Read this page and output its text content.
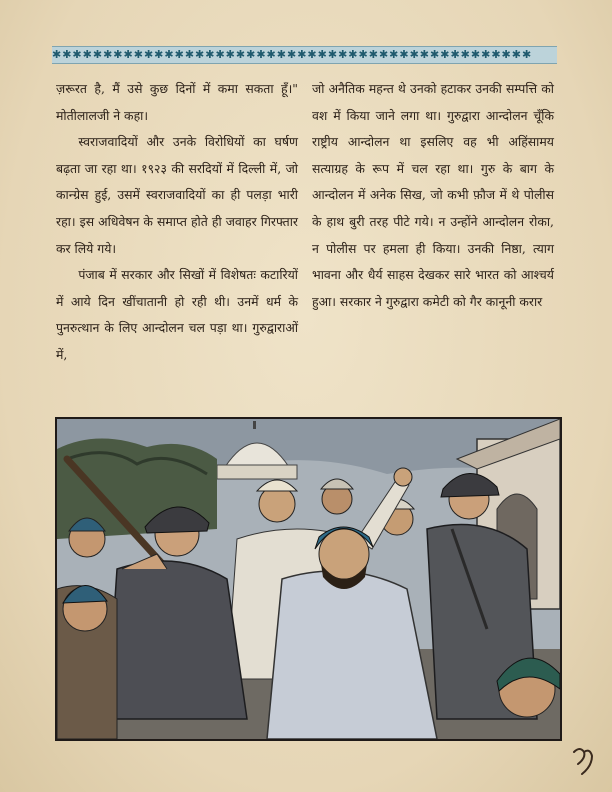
✱✱✱✱✱✱✱✱✱✱✱✱✱✱✱✱✱✱✱✱✱✱✱✱✱✱✱✱✱✱✱✱✱✱✱✱✱✱✱✱✱✱✱✱✱✱✱

ज़रूरत है, मैं उसे कुछ दिनों में कमा सकता हूँ।" मोतीलालजी ने कहा।

स्वराजवादियों और उनके विरोधियों का घर्षण बढ़ता जा रहा था। १९२३ की सरदियों में दिल्ली में, जो कान्ग्रेस हुई, उसमें स्वराजवादियों का ही पलड़ा भारी रहा। इस अधिवेषन के समाप्त होते ही जवाहर गिरफ्तार कर लिये गये।

पंजाब में सरकार और सिखों में विशेषतः कटारियों में आये दिन खींचातानी हो रही थी। उनमें धर्म के पुनरुत्थान के लिए आन्दोलन चल पड़ा था। गुरुद्वाराओं में,

जो अनैतिक महन्त थे उनको हटाकर उनकी सम्पत्ति को वश में किया जाने लगा था। गुरुद्वारा आन्दोलन चूँकि राष्ट्रीय आन्दोलन था इसलिए वह भी अहिंसामय सत्याग्रह के रूप में चल रहा था। गुरु के बाग के आन्दोलन में अनेक सिख, जो कभी फ़ौज में थे पोलीस के हाथ बुरी तरह पीटे गये। न उन्होंने आन्दोलन रोका, न पोलीस पर हमला ही किया। उनकी निष्ठा, त्याग भावना और धैर्य साहस देखकर सारे भारत को आश्चर्य हुआ। सरकार ने गुरुद्वारा कमेटी को गैर कानूनी करार
